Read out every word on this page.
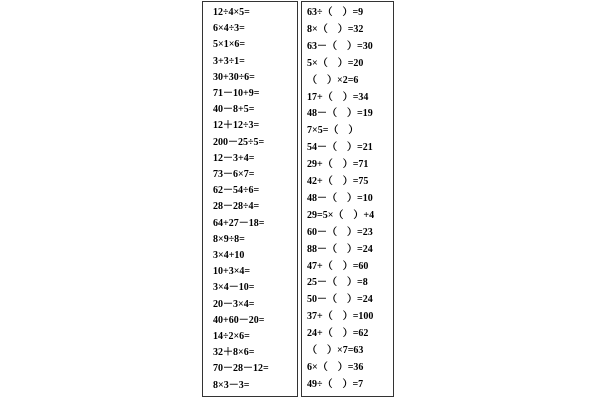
12÷4×5=
6×4÷3=
5×1×6=
3+3÷1=
30+30÷6=
71－10+9=
40－8+5=
12＋12÷3=
200－25÷5=
12－3+4=
73－6×7=
62－54÷6=
28－28÷4=
64+27－18=
8×9÷8=
3×4+10
10+3×4=
3×4－10=
20－3×4=
40+60－20=
14÷2×6=
32＋8×6=
70－28－12=
8×3－3=
63÷（    ）=9
8×（    ）=32
63－（    ）=30
5×（    ）=20
（    ）×2=6
17+（    ）=34
48－（    ）=19
7×5=（    ）
54－（    ）=21
29+（    ）=71
42+（    ）=75
48－（    ）=10
29=5×（    ）+4
60－（    ）=23
88－（    ）=24
47+（    ）=60
25－（    ）=8
50－（    ）=24
37+（    ）=100
24+（    ）=62
（    ）×7=63
6×（    ）=36
49÷（    ）=7
